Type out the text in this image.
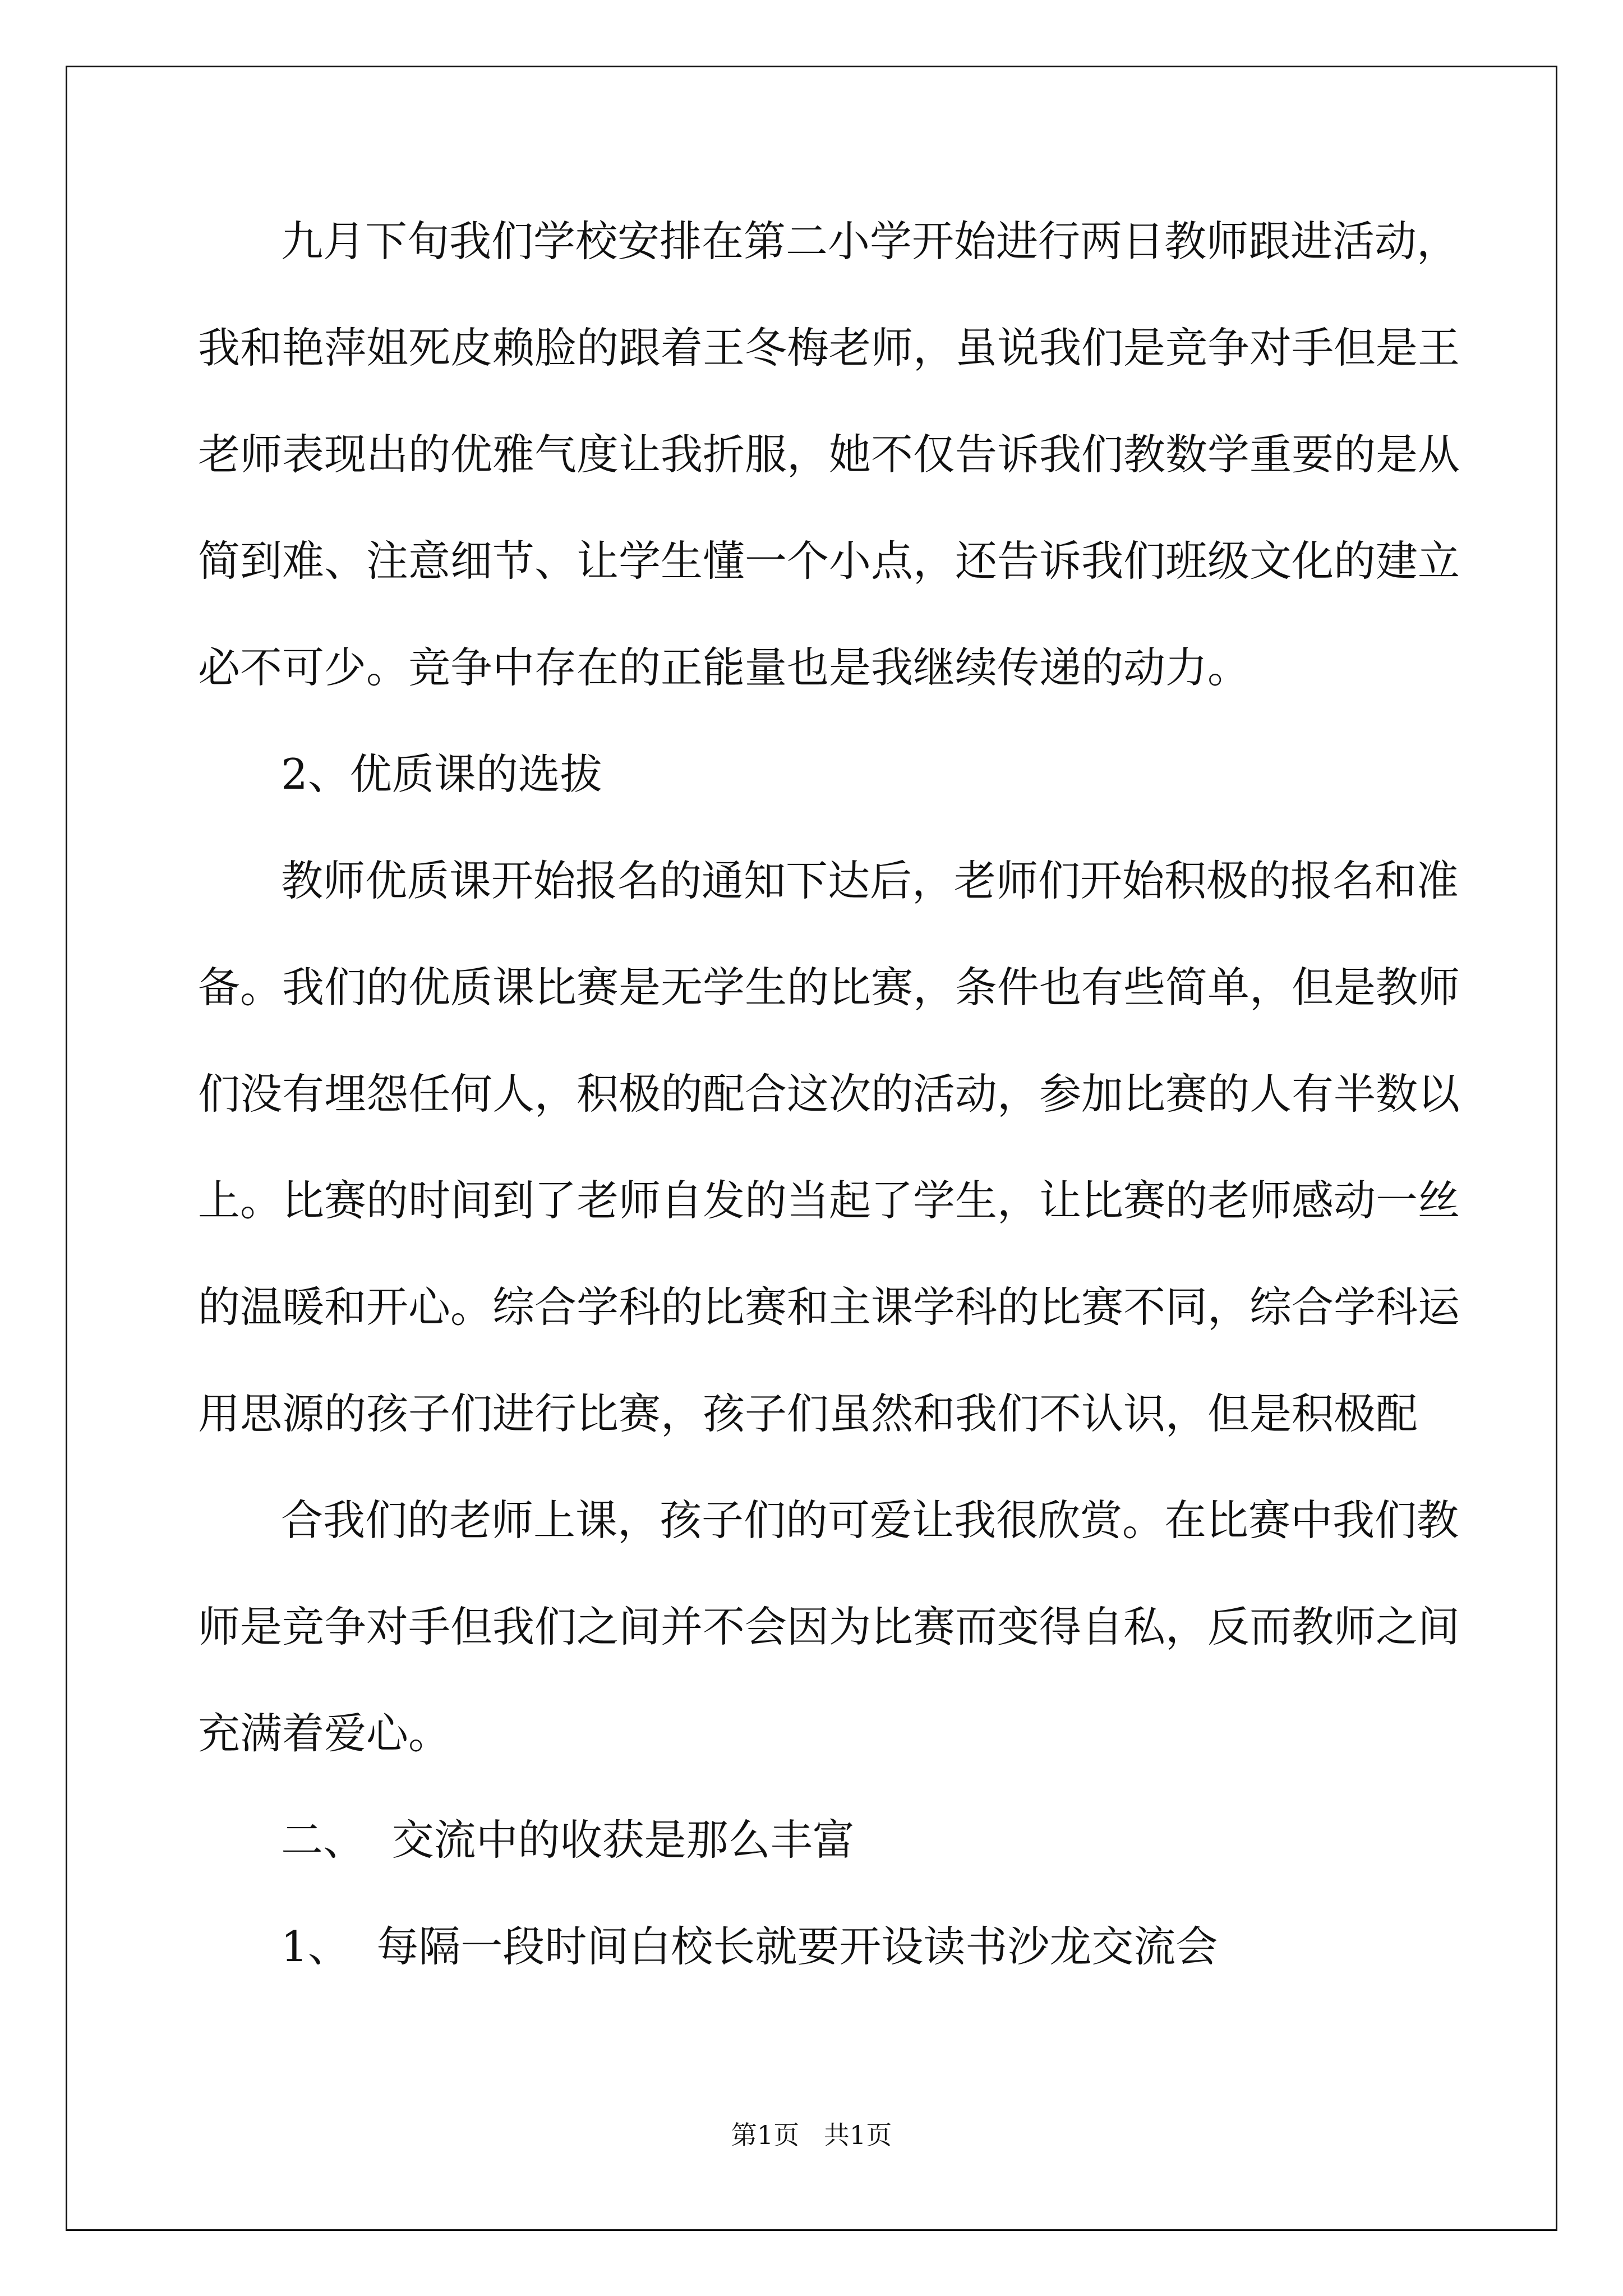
九月下旬我们学校安排在第二小学开始进行两日教师跟进活动，
我和艳萍姐死皮赖脸的跟着王冬梅老师，虽说我们是竞争对手但是王
老师表现出的优雅气度让我折服，她不仅告诉我们教数学重要的是从
简到难、注意细节、让学生懂一个小点，还告诉我们班级文化的建立
必不可少。竞争中存在的正能量也是我继续传递的动力。
2、优质课的选拔
教师优质课开始报名的通知下达后，老师们开始积极的报名和准
备。我们的优质课比赛是无学生的比赛，条件也有些简单，但是教师
们没有埋怨任何人，积极的配合这次的活动，参加比赛的人有半数以
上。比赛的时间到了老师自发的当起了学生，让比赛的老师感动一丝
的温暖和开心。综合学科的比赛和主课学科的比赛不同，综合学科运
用思源的孩子们进行比赛，孩子们虽然和我们不认识，但是积极配
合我们的老师上课，孩子们的可爱让我很欣赏。在比赛中我们教
师是竞争对手但我们之间并不会因为比赛而变得自私，反而教师之间
充满着爱心。
二、  交流中的收获是那么丰富
1、  每隔一段时间白校长就要开设读书沙龙交流会
第1页   共1页
